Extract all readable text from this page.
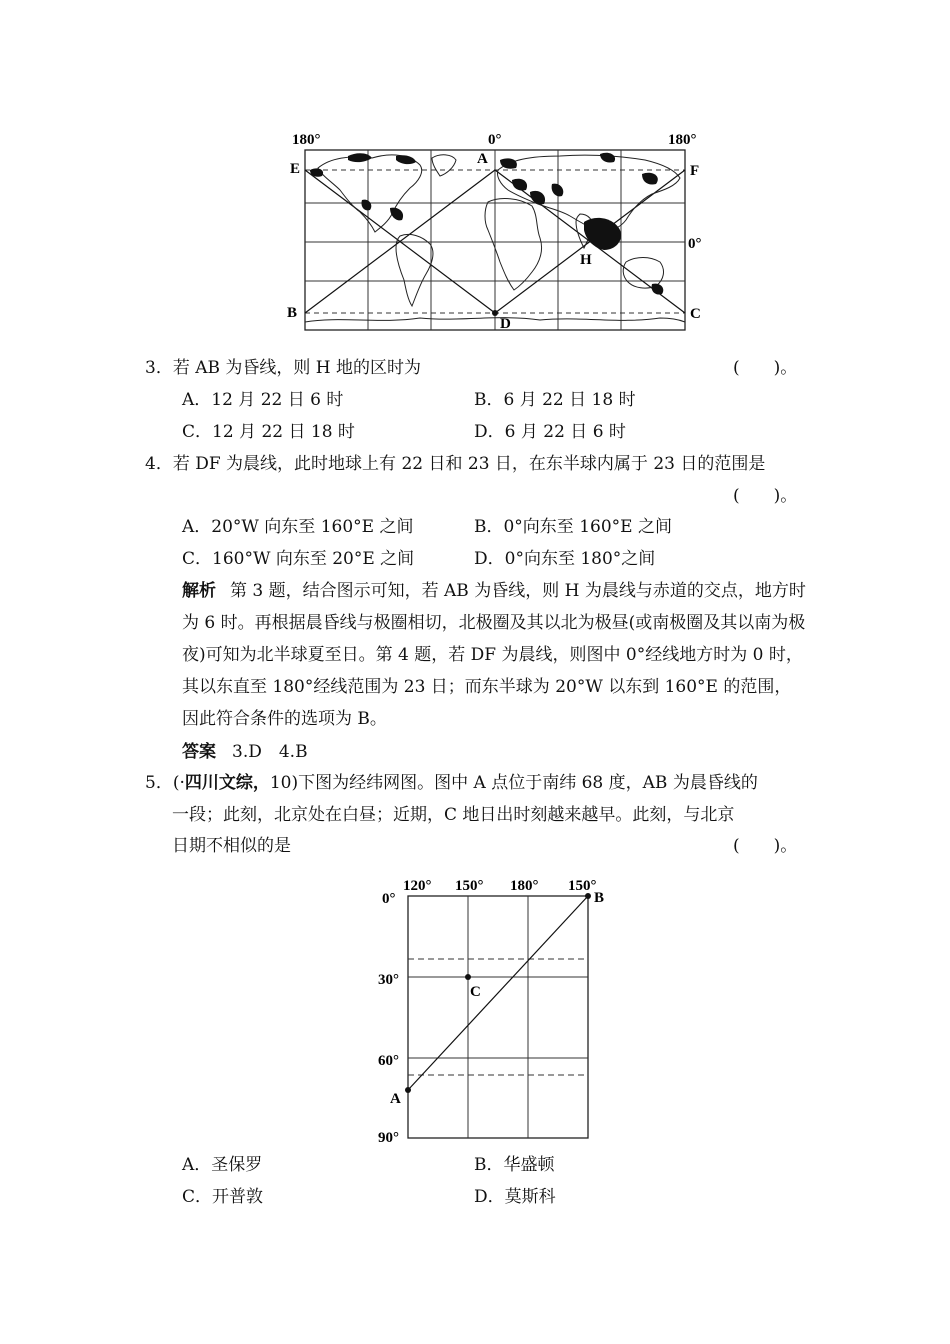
180°	0°	180°
0°
E
A
F
H
B
D
C
3．若 AB 为昏线，则 H 地的区时为	(　　)。
A．12 月 22 日 6 时	B．6 月 22 日 18 时
C．12 月 22 日 18 时	D．6 月 22 日 6 时
4．若 DF 为晨线，此时地球上有 22 日和 23 日，在东半球内属于 23 日的范围是
(　　)。
A．20°W 向东至 160°E 之间	B．0°向东至 160°E 之间
C．160°W 向东至 20°E 之间	D．0°向东至 180°之间
解析 第 3 题，结合图示可知，若 AB 为昏线，则 H 为晨线与赤道的交点，地方时为 6 时。再根据晨昏线与极圈相切，北极圈及其以北为极昼(或南极圈及其以南为极夜)可知为北半球夏至日。第 4 题，若 DF 为晨线，则图中 0°经线地方时为 0 时，其以东直至 180°经线范围为 23 日；而东半球为 20°W 以东到 160°E 的范围，因此符合条件的选项为 B。
答案 3.D　4.B
5．(·四川文综，10)下图为经纬网图。图中 A 点位于南纬 68 度，AB 为晨昏线的
一段；此刻，北京处在白昼；近期，C 地日出时刻越来越早。此刻，与北京
日期不相似的是	(　　)。
120° 150° 180° 150°
0°
30°
60°
90°
A
B
C
A．圣保罗	B．华盛顿
C．开普敦	D．莫斯科
